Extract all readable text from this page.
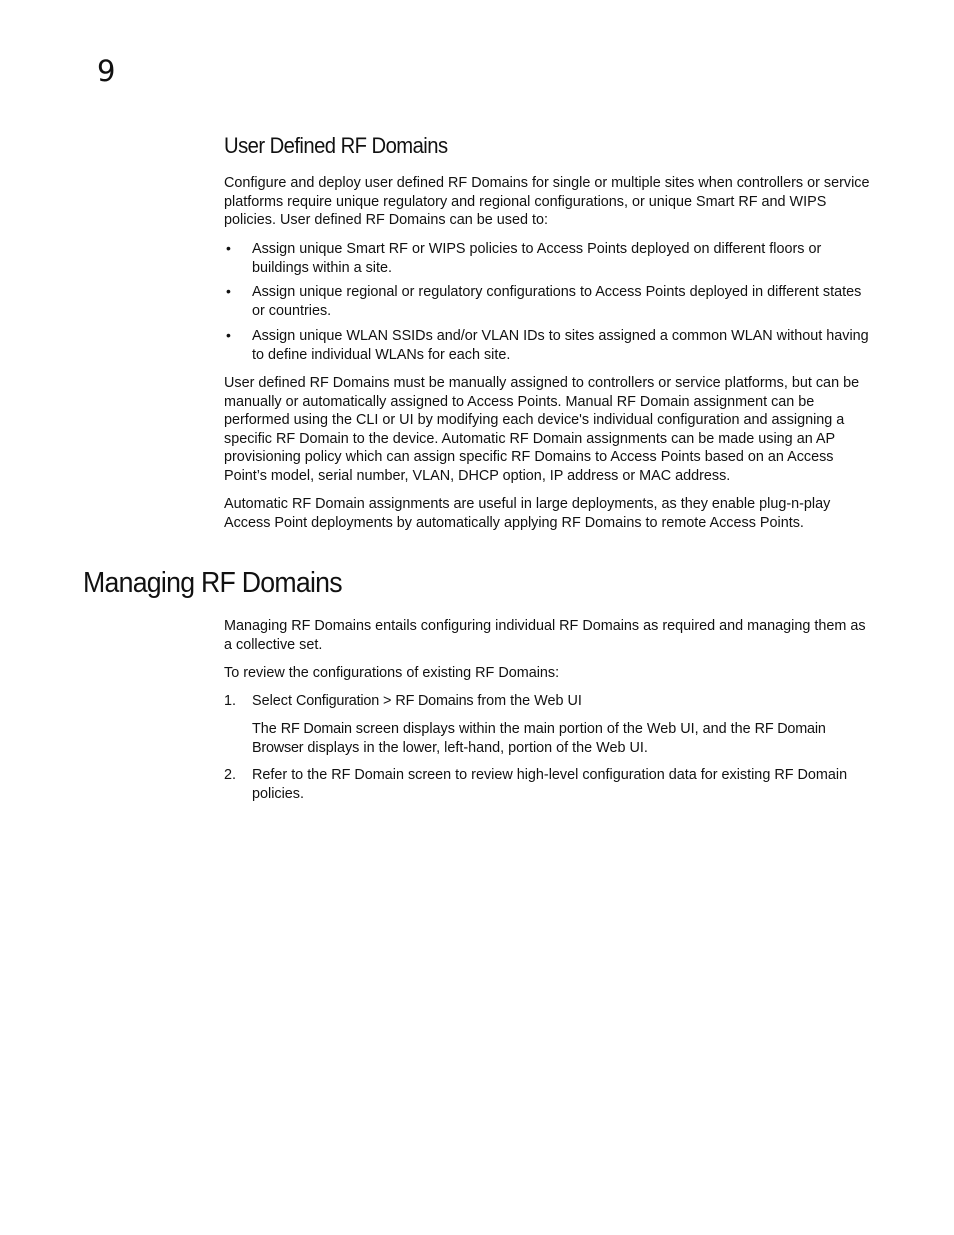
9
User Defined RF Domains

Configure and deploy user defined RF Domains for single or multiple sites when controllers or service platforms require unique regulatory and regional configurations, or unique Smart RF and WIPS policies. User defined RF Domains can be used to:

• Assign unique Smart RF or WIPS policies to Access Points deployed on different floors or buildings within a site.

• Assign unique regional or regulatory configurations to Access Points deployed in different states or countries.

• Assign unique WLAN SSIDs and/or VLAN IDs to sites assigned a common WLAN without having to define individual WLANs for each site.

User defined RF Domains must be manually assigned to controllers or service platforms, but can be manually or automatically assigned to Access Points. Manual RF Domain assignment can be performed using the CLI or UI by modifying each device's individual configuration and assigning a specific RF Domain to the device. Automatic RF Domain assignments can be made using an AP provisioning policy which can assign specific RF Domains to Access Points based on an Access Point’s model, serial number, VLAN, DHCP option, IP address or MAC address.

Automatic RF Domain assignments are useful in large deployments, as they enable plug-n-play Access Point deployments by automatically applying RF Domains to remote Access Points.

Managing RF Domains

Managing RF Domains entails configuring individual RF Domains as required and managing them as a collective set.

To review the configurations of existing RF Domains:

1. Select Configuration > RF Domains from the Web UI

The RF Domain screen displays within the main portion of the Web UI, and the RF Domain Browser displays in the lower, left-hand, portion of the Web UI.

2. Refer to the RF Domain screen to review high-level configuration data for existing RF Domain policies.
